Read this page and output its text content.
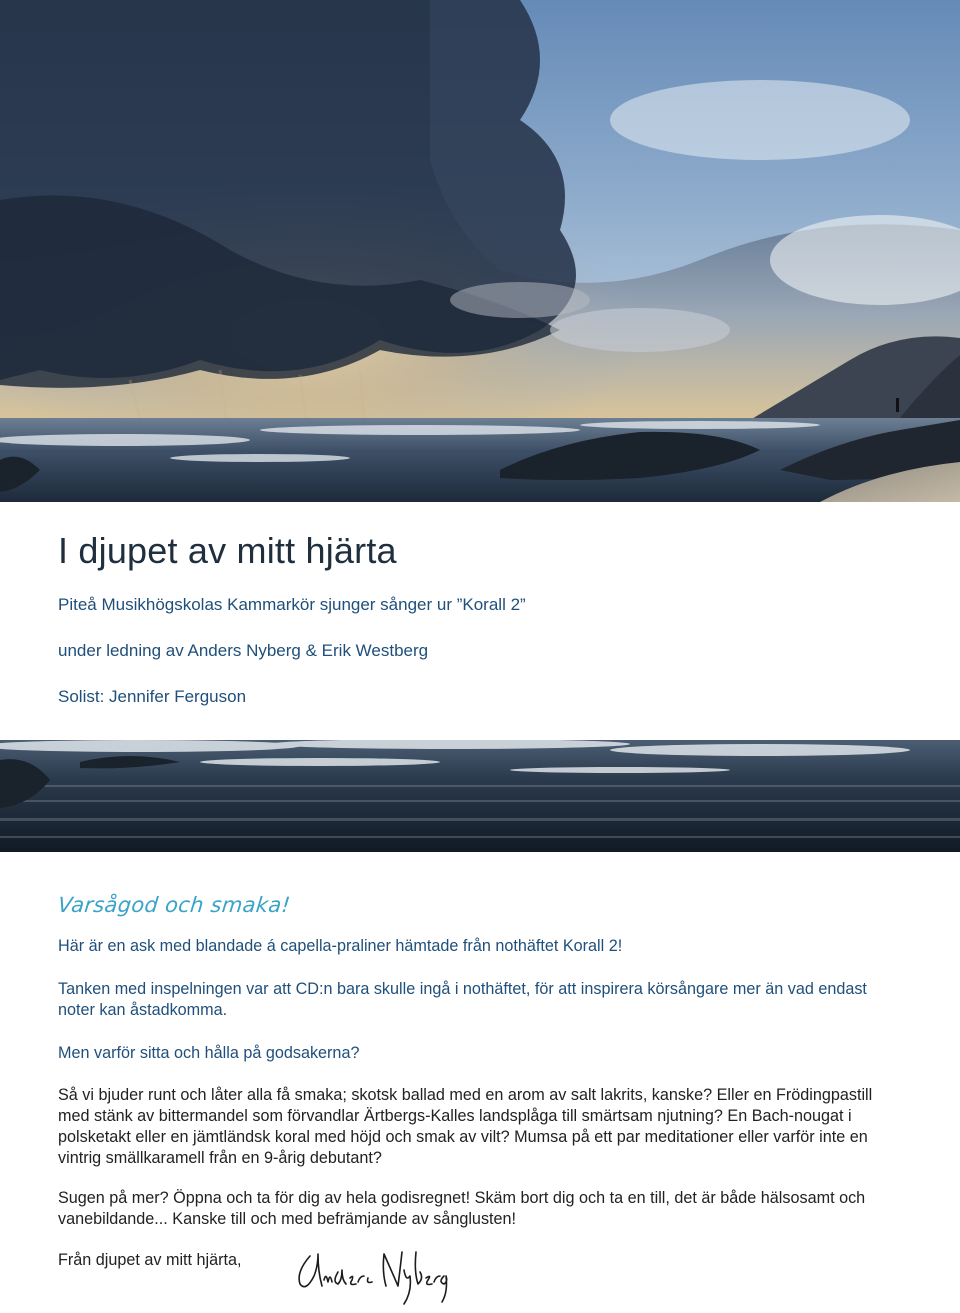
I djupet av mitt hjärta

Piteå Musikhögskolas Kammarkör sjunger sånger ur ”Korall 2”

under ledning av Anders Nyberg & Erik Westberg

Solist: Jennifer Ferguson

Varsågod och smaka!

Här är en ask med blandade á capella-praliner hämtade från nothäftet Korall 2!

Tanken med inspelningen var att CD:n bara skulle ingå i nothäftet, för att inspirera körsångare mer än vad endast noter kan åstadkomma.

Men varför sitta och hålla på godsakerna?

Så vi bjuder runt och låter alla få smaka; skotsk ballad med en arom av salt lakrits, kanske? Eller en Frödingpastill med stänk av bittermandel som förvandlar Ärtbergs-Kalles landsplåga till smärtsam njutning? En Bach-nougat i polsketakt eller en jämtländsk koral med höjd och smak av vilt? Mumsa på ett par meditationer eller varför inte en vintrig smällkaramell från en 9-årig debutant?

Sugen på mer? Öppna och ta för dig av hela godisregnet! Skäm bort dig och ta en till, det är både hälsosamt och vanebildande... Kanske till och med befrämjande av sånglusten!

Från djupet av mitt hjärta,
